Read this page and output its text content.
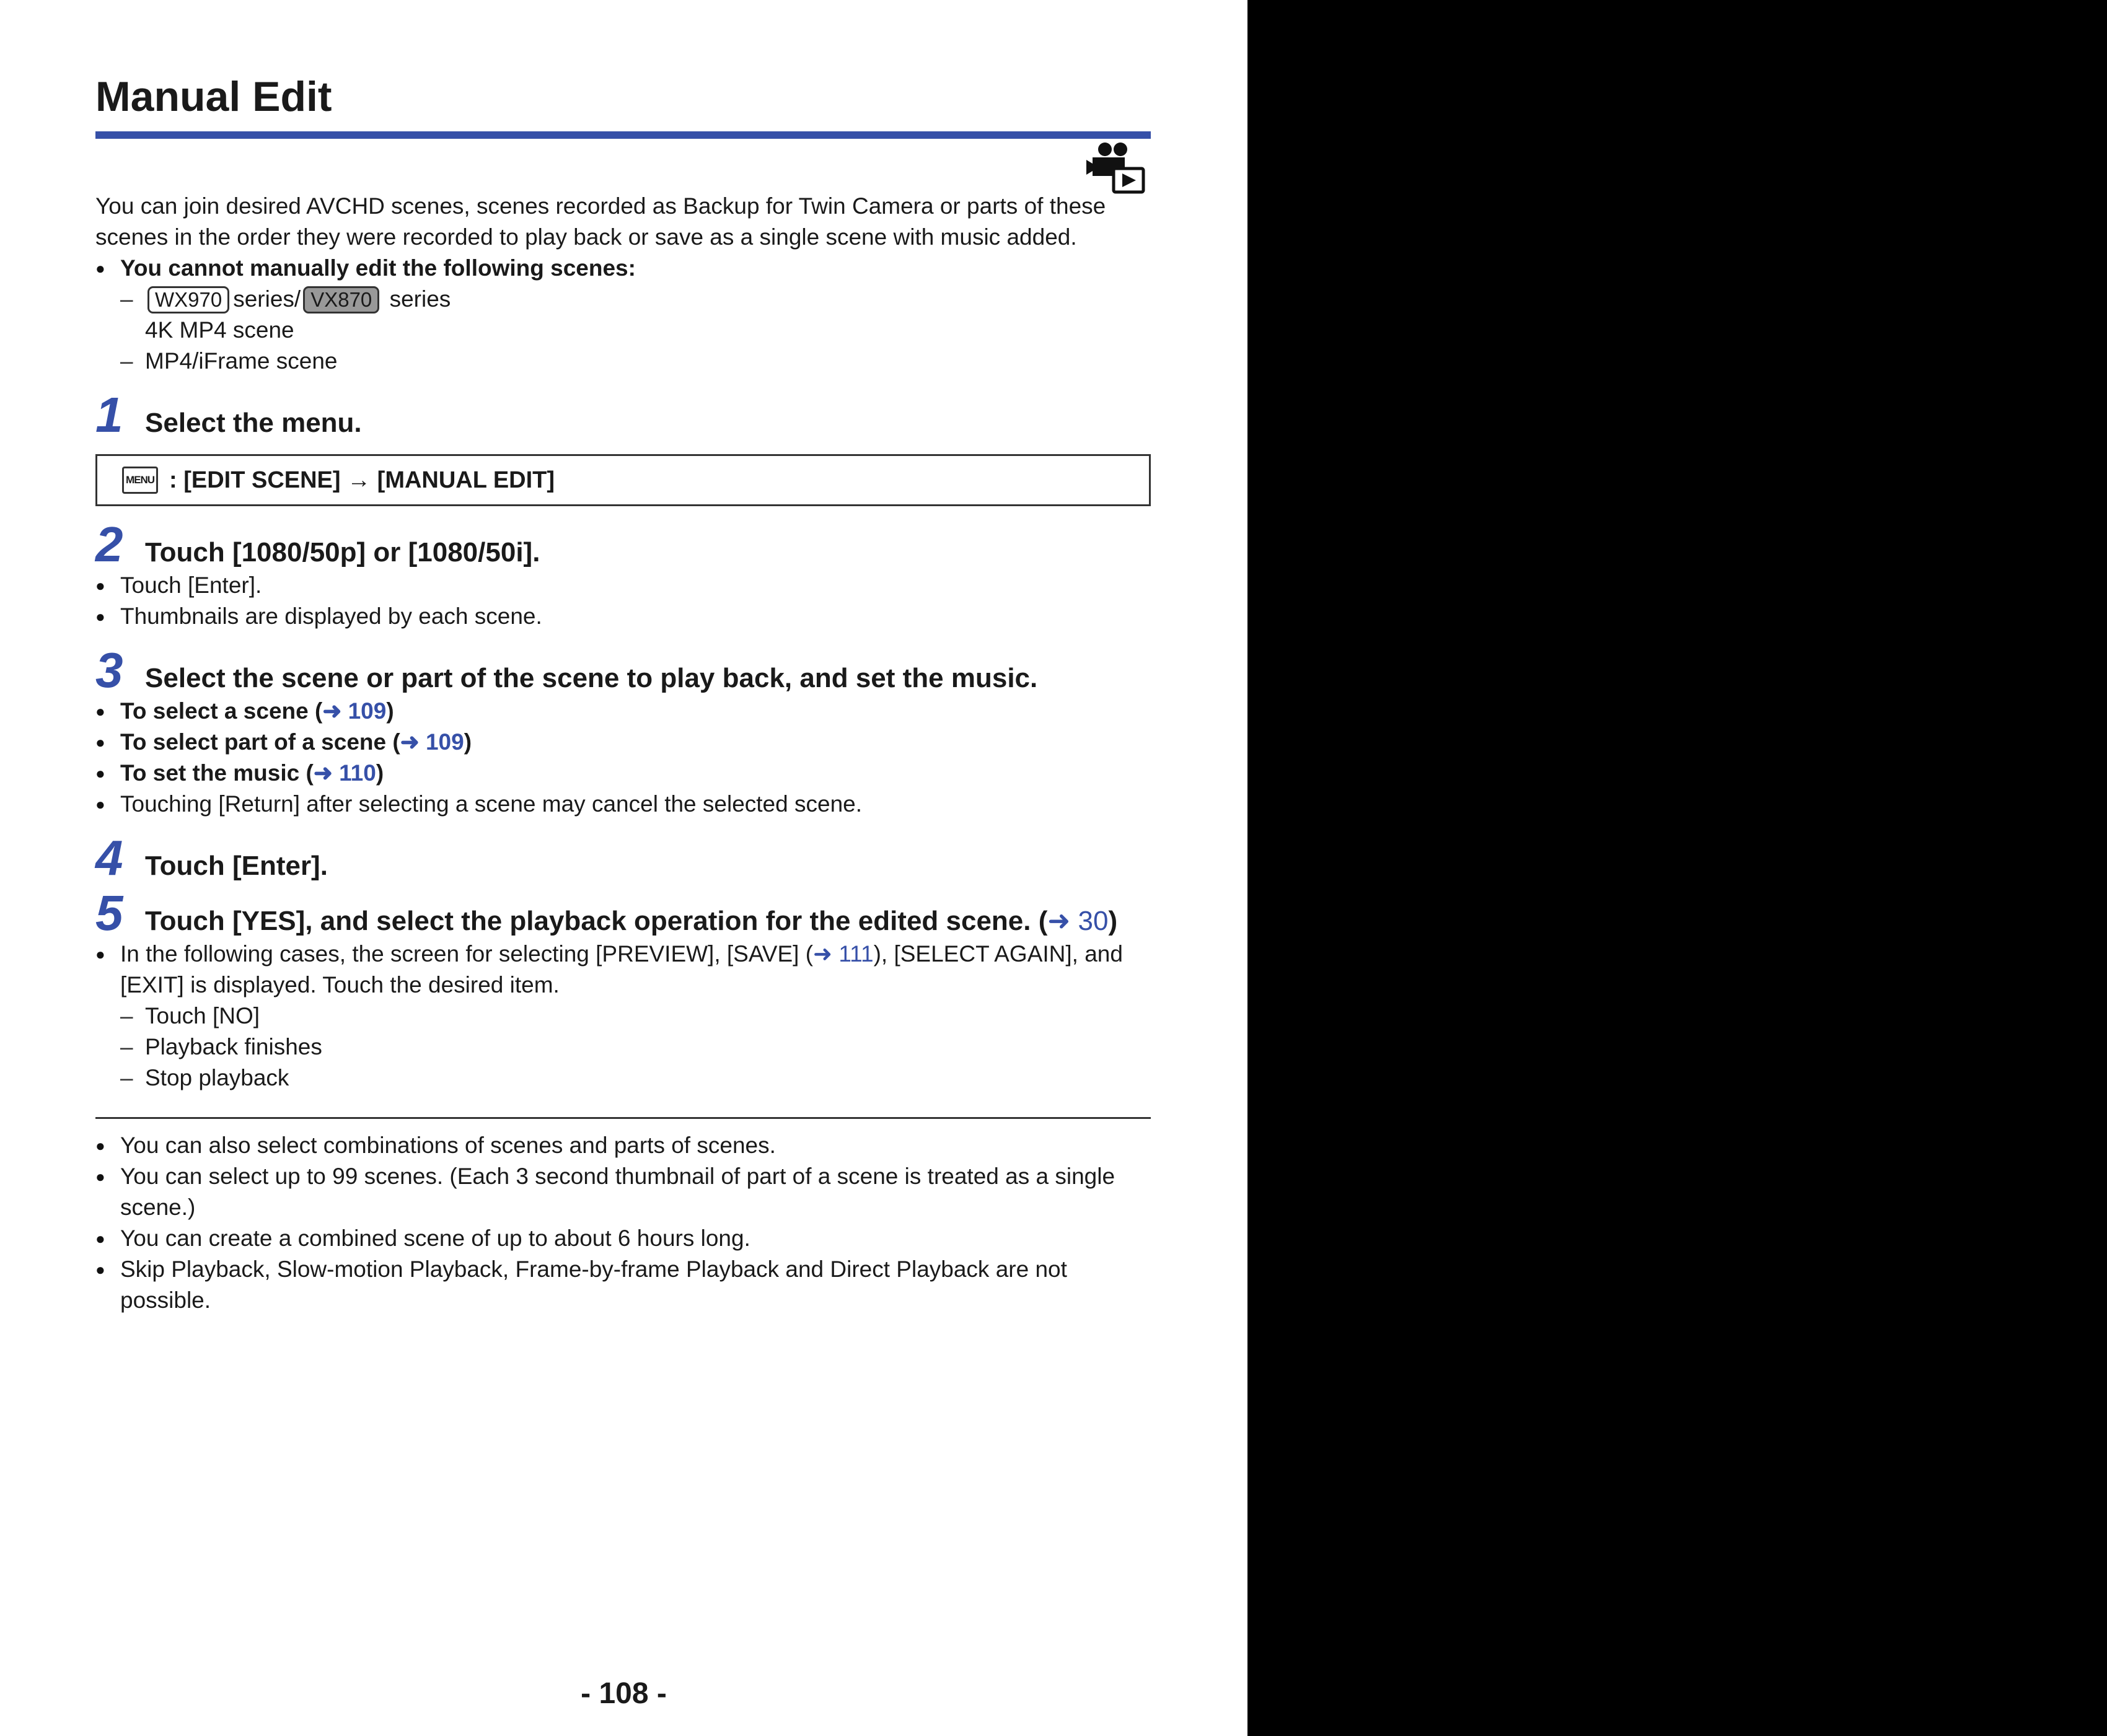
Manual Edit
You can join desired AVCHD scenes, scenes recorded as Backup for Twin Camera or parts of these scenes in the order they were recorded to play back or save as a single scene with music added.
● You cannot manually edit the following scenes:
– WX970 series/ VX870 series
4K MP4 scene
– MP4/iFrame scene
1 Select the menu.
MENU : [EDIT SCENE] → [MANUAL EDIT]
2 Touch [1080/50p] or [1080/50i].
● Touch [Enter].
● Thumbnails are displayed by each scene.
3 Select the scene or part of the scene to play back, and set the music.
● To select a scene (➜ 109)
● To select part of a scene (➜ 109)
● To set the music (➜ 110)
● Touching [Return] after selecting a scene may cancel the selected scene.
4 Touch [Enter].
5 Touch [YES], and select the playback operation for the edited scene. (➜ 30)
● In the following cases, the screen for selecting [PREVIEW], [SAVE] (➜ 111), [SELECT AGAIN], and [EXIT] is displayed. Touch the desired item.
– Touch [NO]
– Playback finishes
– Stop playback
● You can also select combinations of scenes and parts of scenes.
● You can select up to 99 scenes. (Each 3 second thumbnail of part of a scene is treated as a single scene.)
● You can create a combined scene of up to about 6 hours long.
● Skip Playback, Slow-motion Playback, Frame-by-frame Playback and Direct Playback are not possible.
- 108 -
